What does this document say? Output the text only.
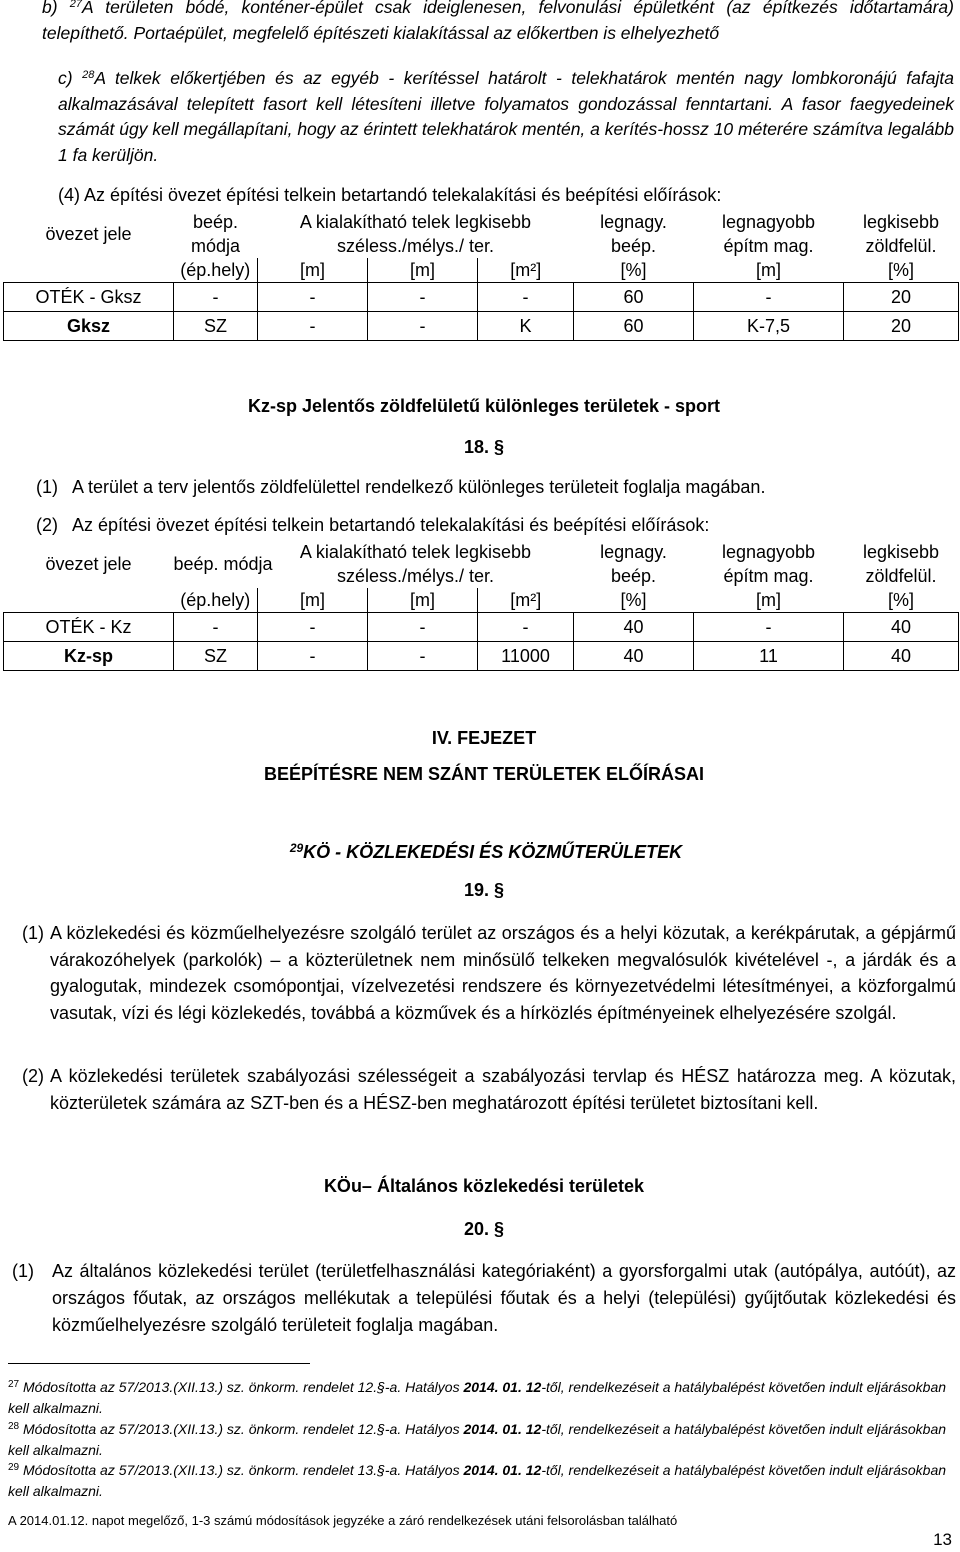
b) $^{27}$A területen bódé, konténer-épület csak ideiglenesen, felvonulási épületként (az építkezés időtartamára) telepíthető. Portaépület, megfelelő építészeti kialakítással az előkertben is elhelyezhető
c) $^{28}$A telkek előkertjében és az egyéb - kerítéssel határolt - telekhatárok mentén nagy lombkoronájú fafajta alkalmazásával telepített fasort kell létesíteni illetve folyamatos gondozással fenntartani. A fasor faegyedeinek számát úgy kell megállapítani, hogy az érintett telekhatárok mentén, a kerítés-hossz 10 méterére számítva legalább 1 fa kerüljön.
(4) Az építési övezet építési telkein betartandó telekalakítási és beépítési előírások:
övezet jele	beép.	A kialakítható telek legkisebb			legnagy.	legnagyobb	legkisebb
	módja	széless./mélys./ ter.			beép.	építm mag.	zöldfelül.
	(ép.hely)	[m]	[m]	[m²]	[%]	[m]	[%]
OTÉK - Gksz	-	-	-	-	60	-	20
Gksz	SZ	-	-	K	60	K-7,5	20
Kz-sp Jelentős zöldfelületű különleges területek - sport
18. §
(1)   A terület a terv jelentős zöldfelülettel rendelkező különleges területeit foglalja magában.
(2)   Az építési övezet építési telkein betartandó telekalakítási és beépítési előírások:
övezet jele	beép. módja	A kialakítható telek legkisebb			legnagy.	legnagyobb	legkisebb
		széless./mélys./ ter.			beép.	építm mag.	zöldfelül.
	(ép.hely)	[m]	[m]	[m²]	[%]	[m]	[%]
OTÉK - Kz	-	-	-	-	40	-	40
Kz-sp	SZ	-	-	11000	40	11	40
IV. FEJEZET
BEÉPÍTÉSRE NEM SZÁNT TERÜLETEK ELŐÍRÁSAI
$^{29}$KÖ - KÖZLEKEDÉSI ÉS KÖZMŰTERÜLETEK
19. §
(1) A közlekedési és közműelhelyezésre szolgáló terület az országos és a helyi közutak, a kerékpárutak, a gépjármű várakozóhelyek (parkolók) – a közterületnek nem minősülő telkeken megvalósulók kivételével -, a járdák és a gyalogutak, mindezek csomópontjai, vízelvezetési rendszere és környezetvédelmi létesítményei, a közforgalmú vasutak, vízi és légi közlekedés, továbbá a közművek és a hírközlés építményeinek elhelyezésére szolgál.
(2) A közlekedési területek szabályozási szélességeit a szabályozási tervlap és HÉSZ határozza meg. A közutak, közterületek számára az SZT-ben és a HÉSZ-ben meghatározott építési területet biztosítani kell.
KÖu– Általános közlekedési területek
20. §
(1) Az általános közlekedési terület (területfelhasználási kategóriaként) a gyorsforgalmi utak (autópálya, autóút), az országos főutak, az országos mellékutak a települési főutak és a helyi (települési) gyűjtőutak közlekedési és közműelhelyezésre szolgáló területeit foglalja magában.
$^{27}$ Módosította az 57/2013.(XII.13.) sz. önkorm. rendelet 12.§-a. Hatályos 2014. 01. 12-től, rendelkezéseit a hatálybalépést követően indult eljárásokban kell alkalmazni.
$^{28}$ Módosította az 57/2013.(XII.13.) sz. önkorm. rendelet 12.§-a. Hatályos 2014. 01. 12-től, rendelkezéseit a hatálybalépést követően indult eljárásokban kell alkalmazni.
$^{29}$ Módosította az 57/2013.(XII.13.) sz. önkorm. rendelet 13.§-a. Hatályos 2014. 01. 12-től, rendelkezéseit a hatálybalépést követően indult eljárásokban kell alkalmazni.
A 2014.01.12. napot megelőző, 1-3 számú módosítások jegyzéke a záró rendelkezések utáni felsorolásban található
13
